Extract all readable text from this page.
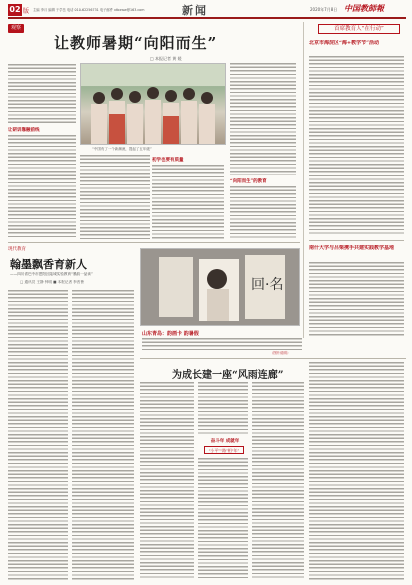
02 版 主编 李月 编辑 于学岳 电话 010-62256731 电子邮件 xtbxww@163.com	新闻	2020年7月8日 中国教師報
观察
让教师暑期“向阳而生”
□ 本报记者 黄 媛
让研训靠融前线
“中国有了一个新潮流，提起了五年级”
初学也要有质量
“向阳而生”的教育
首席教育人“在行动”
北京市海淀区“海+教学节”活动
南什大学与吕梁携手共建实践教学基地
现代教育
翰墨飘香育新人
——四川省巴中市恩阳区陆城实验教育“墨韵一品读”
□ 通讯员 王静 钟明 ■ 本报记者 李晋鲁	回·名
山东青岛：韵画卡 韵暑假
（图片说明）
为成长建一座“风雨连廊”
奋斗年 成就年
“小平”“路”相“年”
